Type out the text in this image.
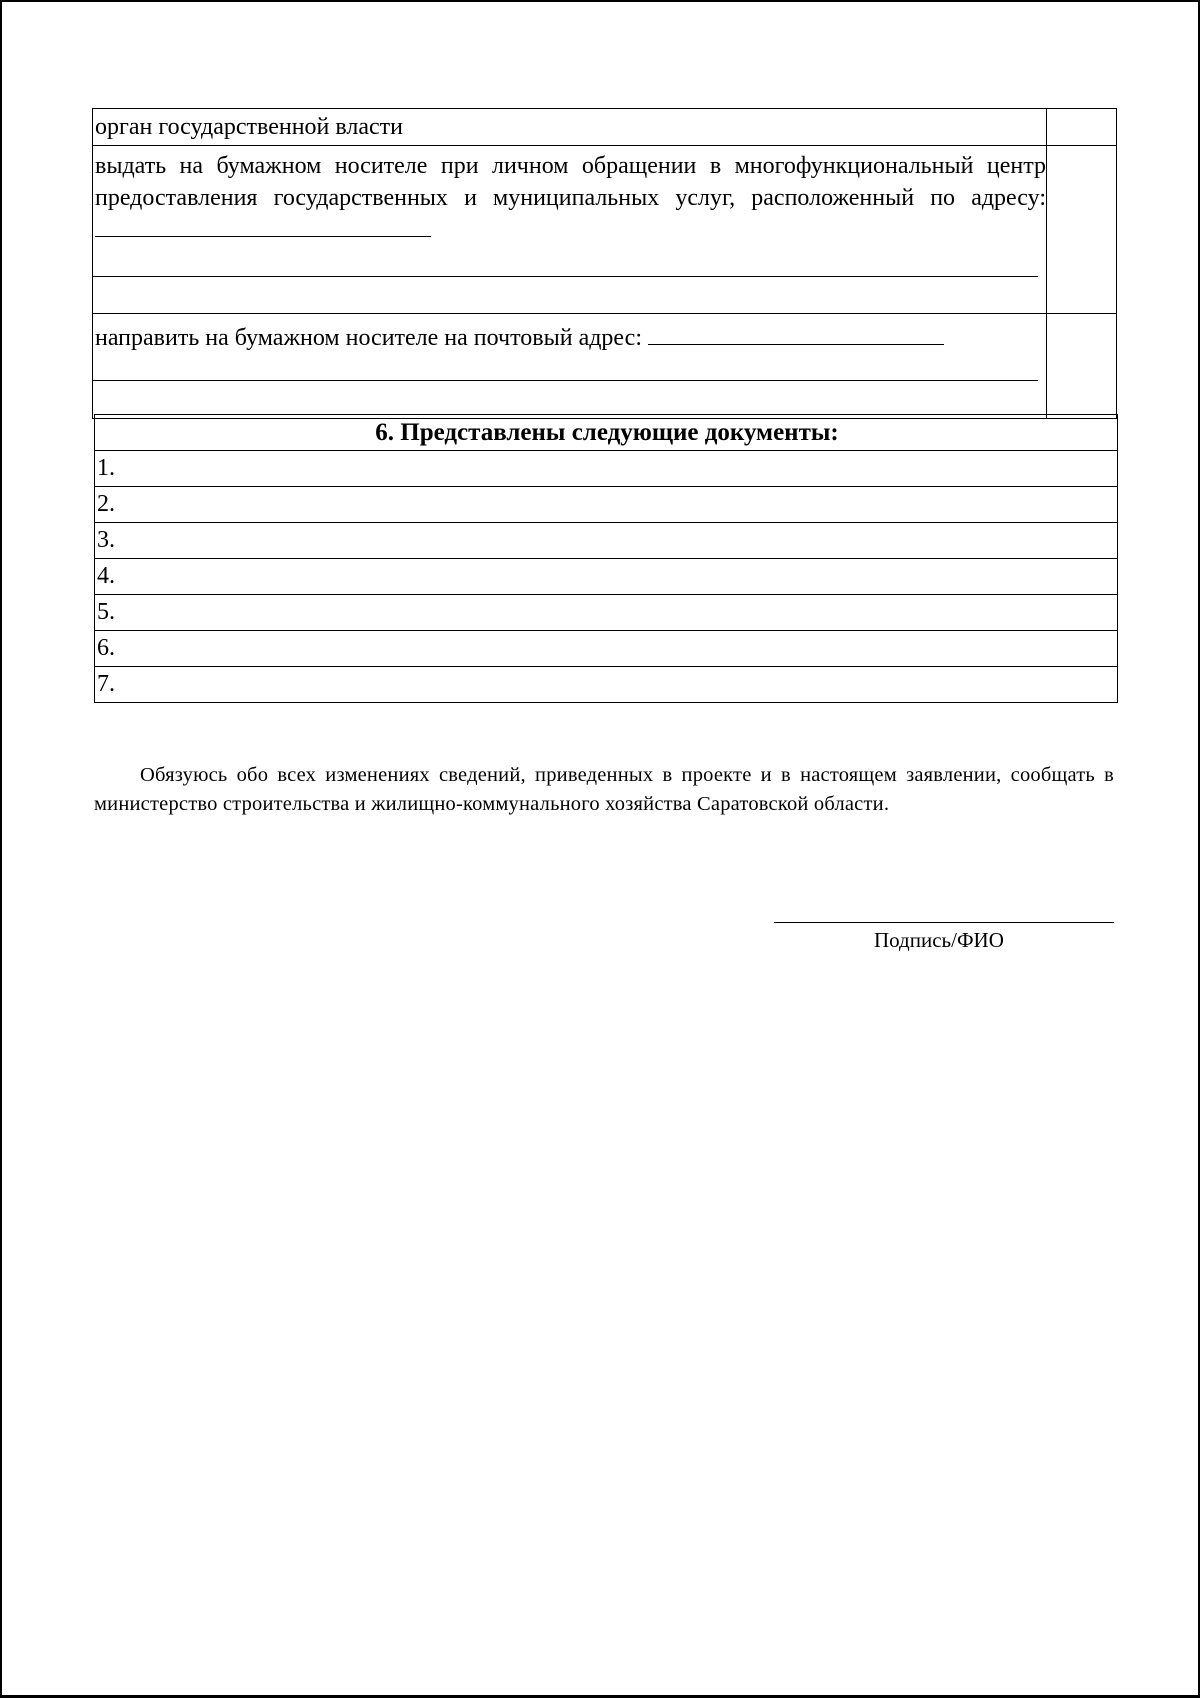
орган государственной власти	

выдать на бумажном носителе при личном обращении в многофункциональный центр предоставления государственных и муниципальных услуг, расположенный по адресу:	

направить на бумажном носителе на почтовый адрес:	

6. Представлены следующие документы:
1.
2.
3.
4.
5.
6.
7.

Обязуюсь обо всех изменениях сведений, приведенных в проекте и в настоящем заявлении, сообщать в министерство строительства и жилищно-коммунального хозяйства Саратовской области.

Подпись/ФИО
